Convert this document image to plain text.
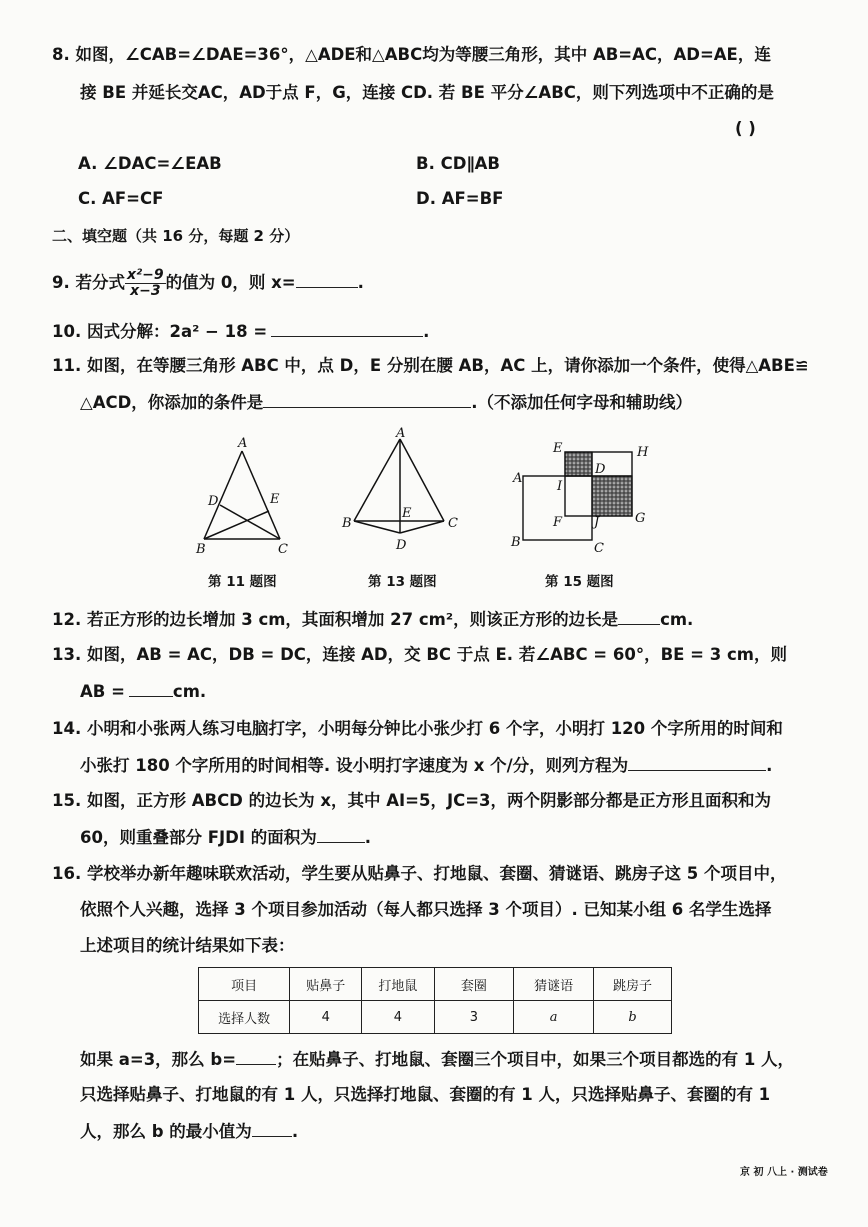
8. 如图，∠CAB=∠DAE=36°，△ADE和△ABC均为等腰三角形，其中 AB=AC，AD=AE，连
接 BE 并延长交AC，AD于点 F，G，连接 CD. 若 BE 平分∠ABC，则下列选项中不正确的是
( )
A. ∠DAC=∠EAB	B. CD∥AB
C. AF=CF	D. AF=BF
二、填空题（共 16 分，每题 2 分）
9. 若分式 $\frac{\text{x²−9}}{x-3}$ 的值为 0，则 x=	.
10. 因式分解：2a² − 18 =	.
11. 如图，在等腰三角形 ABC 中，点 D，E 分别在腰 AB，AC 上，请你添加一个条件，使得△ABE≌
△ACD，你添加的条件是	.（不添加任何字母和辅助线）
A
D	E
B	C
第 11 题图
A
B	C
E
D
第 13 题图
E	H
A
D
I
F J	G
B	C
第 15 题图
12. 若正方形的边长增加 3 cm，其面积增加 27 cm²，则该正方形的边长是	cm.
13. 如图，AB = AC，DB = DC，连接 AD，交 BC 于点 E. 若∠ABC = 60°，BE = 3 cm，则
AB =	cm.
14. 小明和小张两人练习电脑打字，小明每分钟比小张少打 6 个字，小明打 120 个字所用的时间和
小张打 180 个字所用的时间相等. 设小明打字速度为 x 个/分，则列方程为	.
15. 如图，正方形 ABCD 的边长为 x，其中 AI=5，JC=3，两个阴影部分都是正方形且面积和为
60，则重叠部分 FJDI 的面积为	.
16. 学校举办新年趣味联欢活动，学生要从贴鼻子、打地鼠、套圈、猜谜语、跳房子这 5 个项目中，
依照个人兴趣，选择 3 个项目参加活动（每人都只选择 3 个项目）. 已知某小组 6 名学生选择
上述项目的统计结果如下表：
项目	贴鼻子	打地鼠	套圈	猜谜语	跳房子
选择人数	4	4	3	a	b
如果 a=3，那么 b= ；在贴鼻子、打地鼠、套圈三个项目中，如果三个项目都选的有 1 人，
只选择贴鼻子、打地鼠的有 1 人，只选择打地鼠、套圈的有 1 人，只选择贴鼻子、套圈的有 1
人，那么 b 的最小值为 .
京 初 八上 · 测试卷
